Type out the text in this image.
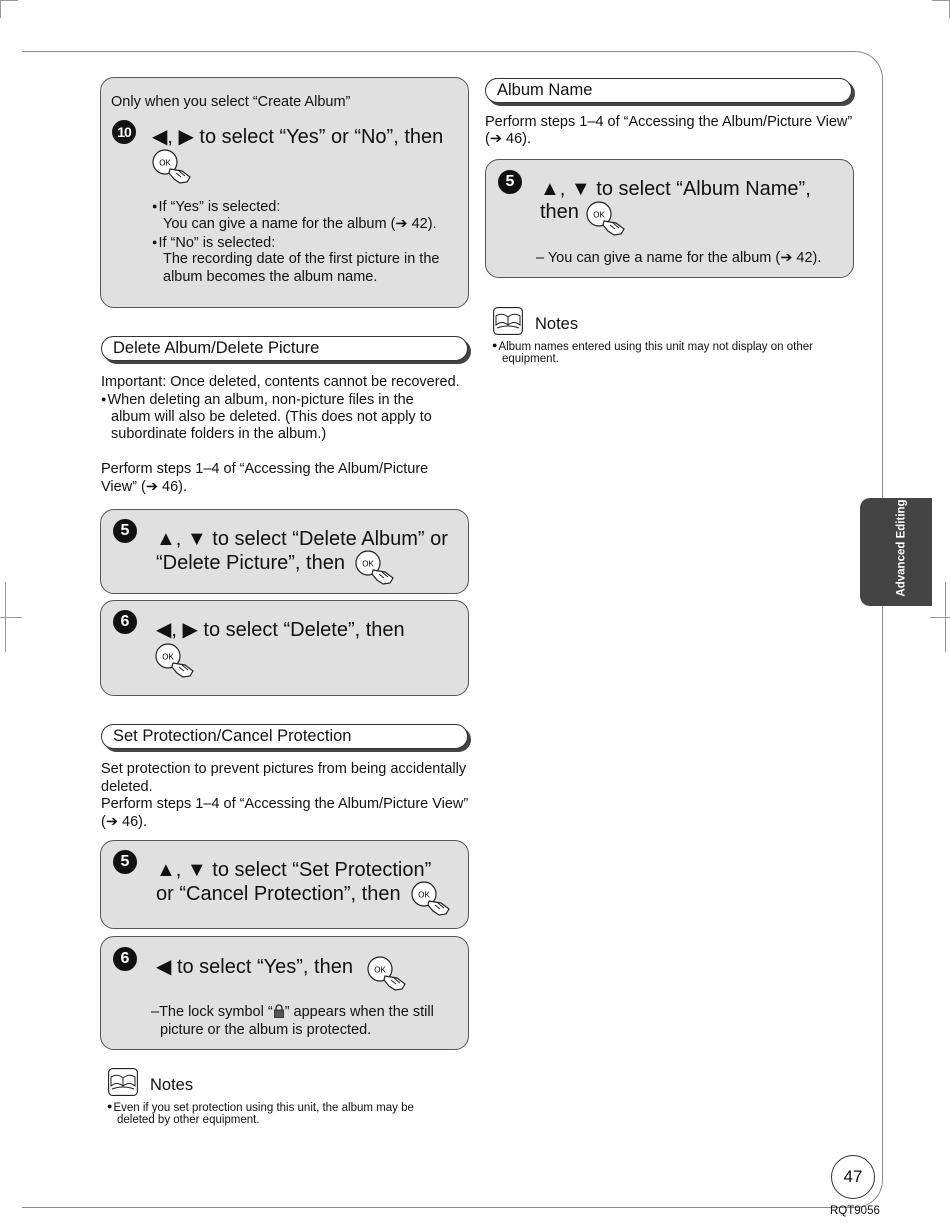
Only when you select “Create Album”
10 ◀, ▶ to select “Yes” or “No”, then
OK
● If “Yes” is selected:
You can give a name for the album (➔ 42).
● If “No” is selected:
The recording date of the first picture in the
album becomes the album name.
Delete Album/Delete Picture
Important: Once deleted, contents cannot be recovered.
● When deleting an album, non-picture files in the
album will also be deleted. (This does not apply to
subordinate folders in the album.)
Perform steps 1–4 of “Accessing the Album/Picture
View” (➔ 46).
5	▲, ▼ to select “Delete Album” or
“Delete Picture”, then OK
6	◀, ▶ to select “Delete”, then
OK
Set Protection/Cancel Protection
Set protection to prevent pictures from being accidentally
deleted.
Perform steps 1–4 of “Accessing the Album/Picture View”
(➔ 46).
5	▲, ▼ to select “Set Protection”
or “Cancel Protection”, then OK
6	◀ to select “Yes”, then	OK
–The lock symbol “ ” appears when the still
picture or the album is protected.
Notes
● Even if you set protection using this unit, the album may be
deleted by other equipment.
Album Name
Perform steps 1–4 of “Accessing the Album/Picture View”
(➔ 46).
5	▲, ▼ to select “Album Name”,
then OK
– You can give a name for the album (➔ 42).
Notes
● Album names entered using this unit may not display on other
equipment.
Advanced Editing
47
RQT9056
